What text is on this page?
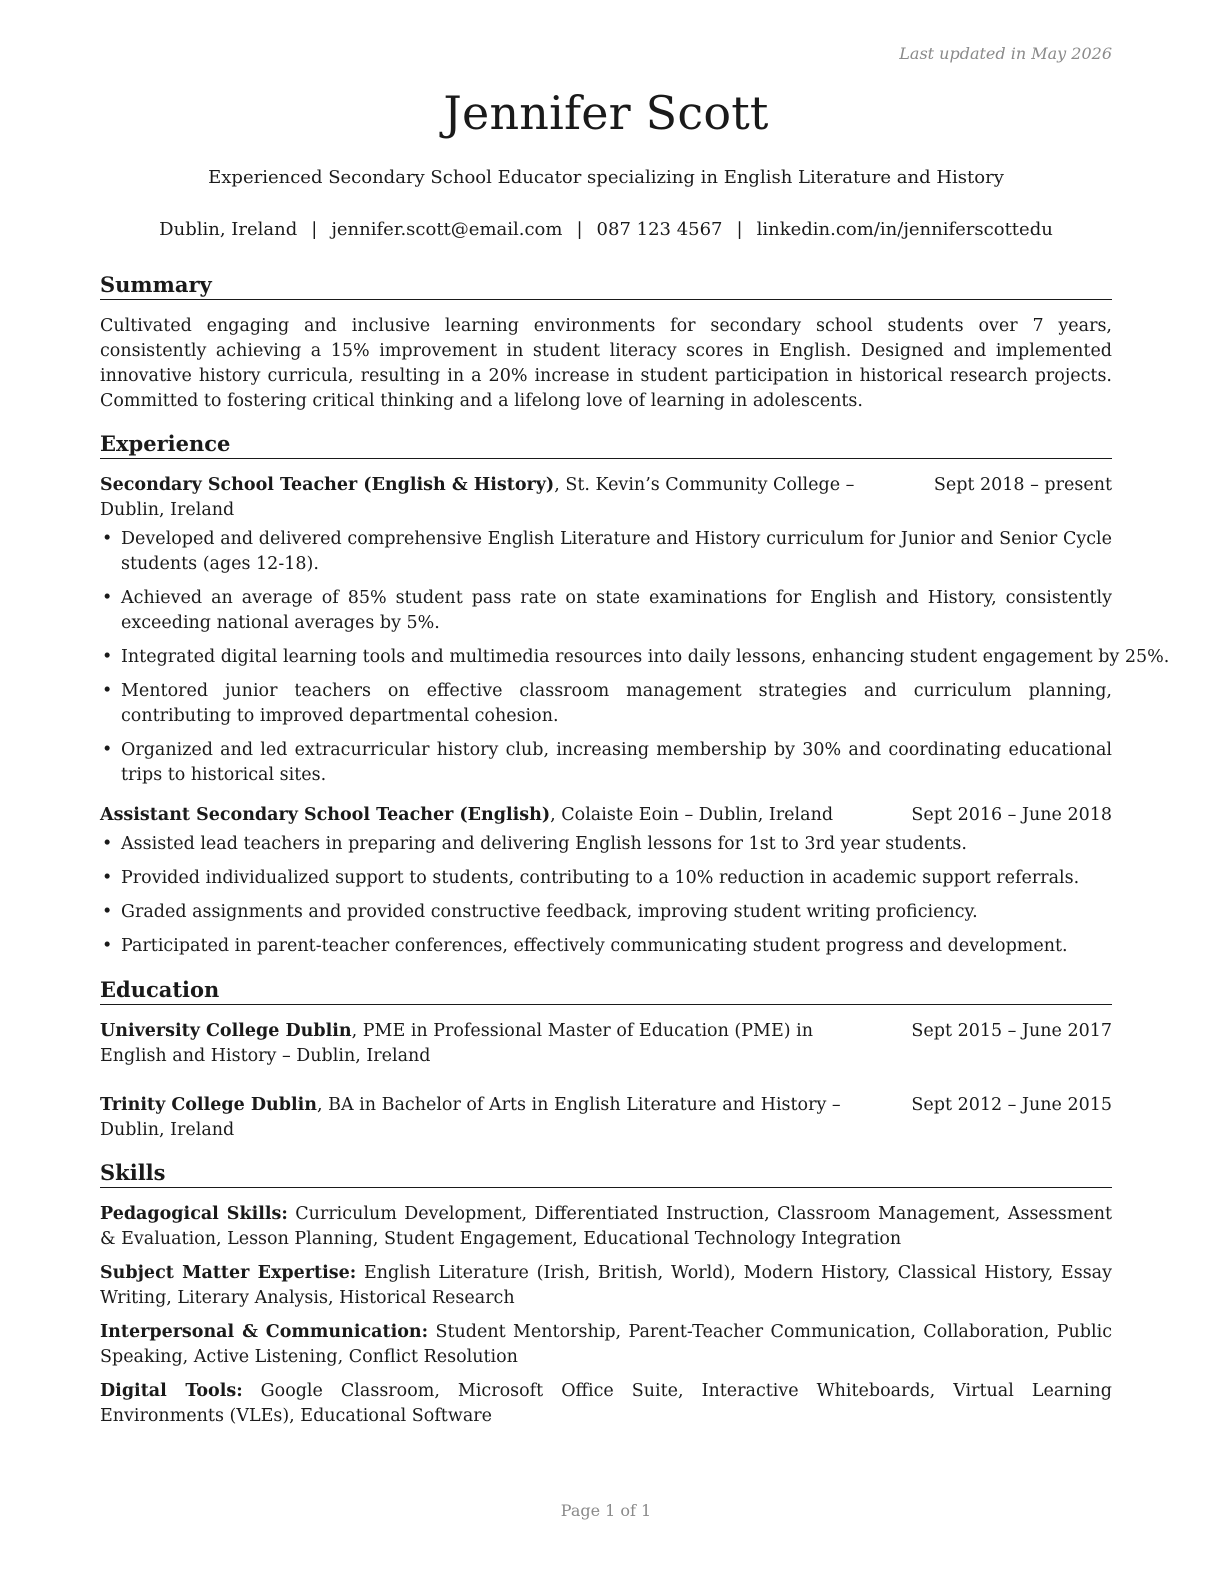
Last updated in May 2026
Jennifer Scott
Experienced Secondary School Educator specializing in English Literature and History
Dublin, Ireland | jennifer.scott@email.com | 087 123 4567 | linkedin.com/in/jenniferscottedu
Summary

Cultivated engaging and inclusive learning environments for secondary school students over 7 years, consistently achieving a 15% improvement in student literacy scores in English. Designed and implemented innovative history curricula, resulting in a 20% increase in student participation in historical research projects. Committed to fostering critical thinking and a lifelong love of learning in adolescents.

Experience
Secondary School Teacher (English & History), St. Kevin’s Community College – Dublin, Ireland
Sept 2018 – present
• Developed and delivered comprehensive English Literature and History curriculum for Junior and Senior Cycle students (ages 12-18).
• Achieved an average of 85% student pass rate on state examinations for English and History, consistently exceeding national averages by 5%.
• Integrated digital learning tools and multimedia resources into daily lessons, enhancing student engagement by 25%.
• Mentored junior teachers on effective classroom management strategies and curriculum planning, contributing to improved departmental cohesion.
• Organized and led extracurricular history club, increasing membership by 30% and coordinating educational trips to historical sites.
Assistant Secondary School Teacher (English), Colaiste Eoin – Dublin, Ireland	Sept 2016 – June 2018
• Assisted lead teachers in preparing and delivering English lessons for 1st to 3rd year students.
• Provided individualized support to students, contributing to a 10% reduction in academic support referrals.
• Graded assignments and provided constructive feedback, improving student writing proficiency.
• Participated in parent-teacher conferences, effectively communicating student progress and development.
Education
University College Dublin, PME in Professional Master of Education (PME) in English and History – Dublin, Ireland
Sept 2015 – June 2017
Trinity College Dublin, BA in Bachelor of Arts in English Literature and History – Dublin, Ireland
Sept 2012 – June 2015
Skills

Pedagogical Skills: Curriculum Development, Differentiated Instruction, Classroom Management, Assessment & Evaluation, Lesson Planning, Student Engagement, Educational Technology Integration

Subject Matter Expertise: English Literature (Irish, British, World), Modern History, Classical History, Essay Writing, Literary Analysis, Historical Research

Interpersonal & Communication: Student Mentorship, Parent-Teacher Communication, Collaboration, Public Speaking, Active Listening, Conflict Resolution

Digital Tools: Google Classroom, Microsoft Office Suite, Interactive Whiteboards, Virtual Learning Environments (VLEs), Educational Software

Page 1 of 1
